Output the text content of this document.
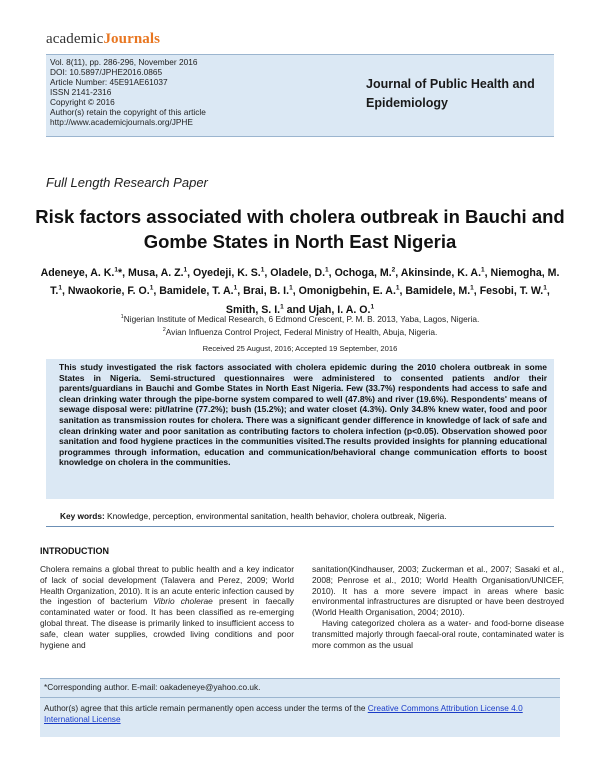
academicJournals
Vol. 8(11), pp. 286-296, November 2016
DOI: 10.5897/JPHE2016.0865
Article Number: 45E91AE61037
ISSN 2141-2316
Copyright © 2016
Author(s) retain the copyright of this article
http://www.academicjournals.org/JPHE
Journal of Public Health and
Epidemiology
Full Length Research Paper
Risk factors associated with cholera outbreak in Bauchi and Gombe States in North East Nigeria
Adeneye, A. K.$^1$*, Musa, A. Z.$^1$, Oyedeji, K. S.$^1$, Oladele, D.$^1$, Ochoga, M.$^2$, Akinsinde, K. A.$^1$, Niemogha, M. T.$^1$, Nwaokorie, F. O.$^1$, Bamidele, T. A.$^1$, Brai, B. I.$^1$, Omonigbehin, E. A.$^1$, Bamidele, M.$^1$, Fesobi, T. W.$^1$, Smith, S. I.$^1$ and Ujah, I. A. O.$^1$
$^1$Nigerian Institute of Medical Research, 6 Edmond Crescent, P. M. B. 2013, Yaba, Lagos, Nigeria.
$^2$Avian Influenza Control Project, Federal Ministry of Health, Abuja, Nigeria.
Received 25 August, 2016; Accepted 19 September, 2016
This study investigated the risk factors associated with cholera epidemic during the 2010 cholera outbreak in some States in Nigeria. Semi-structured questionnaires were administered to consented patients and/or their parents/guardians in Bauchi and Gombe States in North East Nigeria. Few (33.7%) respondents had access to safe and clean drinking water through the pipe-borne system compared to well (47.8%) and river (19.6%). Respondents' means of sewage disposal were: pit/latrine (77.2%); bush (15.2%); and water closet (4.3%). Only 34.8% knew water, food and poor sanitation as transmission routes for cholera. There was a significant gender difference in knowledge of lack of safe and clean drinking water and poor sanitation as contributing factors to cholera infection (p<0.05). Observation showed poor sanitation and food hygiene practices in the communities visited.The results provided insights for planning educational programmes through information, education and communication/behavioral change communication efforts to boost knowledge on cholera in the communities.
Key words: Knowledge, perception, environmental sanitation, health behavior, cholera outbreak, Nigeria.
INTRODUCTION

Cholera remains a global threat to public health and a key indicator of lack of social development (Talavera and Perez, 2009; World Health Organization, 2010). It is an acute enteric infection caused by the ingestion of bacterium Vibrio cholerae present in faecally contaminated water or food. It has been classified as re-emerging global threat. The disease is primarily linked to insufficient access to safe, clean water supplies, crowded living conditions and poor hygiene and

sanitation(Kindhauser, 2003; Zuckerman et al., 2007; Sasaki et al., 2008; Penrose et al., 2010; World Health Organisation/UNICEF, 2010). It has a more severe impact in areas where basic environmental infrastructures are disrupted or have been destroyed (World Health Organisation, 2004; 2010).

Having categorized cholera as a water- and food-borne disease transmitted majorly through faecal-oral route, contaminated water is more common as the usual

*Corresponding author. E-mail: oakadeneye@yahoo.co.uk.
Author(s) agree that this article remain permanently open access under the terms of the Creative Commons Attribution License 4.0 International License
